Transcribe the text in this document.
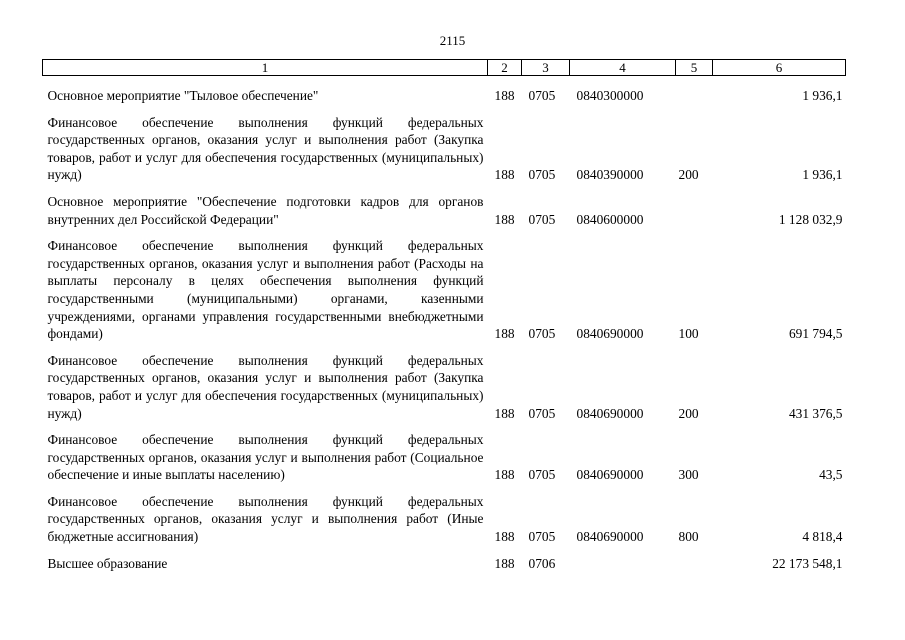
2115
1	2	3	4	5	6
Основное мероприятие "Тыловое обеспечение"	188	0705	0840300000		1 936,1
Финансовое обеспечение выполнения функций федеральных государственных органов, оказания услуг и выполнения работ (Закупка товаров, работ и услуг для обеспечения государственных (муниципальных) нужд)	188	0705	0840390000	200	1 936,1
Основное мероприятие "Обеспечение подготовки кадров для органов внутренних дел Российской Федерации"	188	0705	0840600000		1 128 032,9
Финансовое обеспечение выполнения функций федеральных государственных органов, оказания услуг и выполнения работ (Расходы на выплаты персоналу в целях обеспечения выполнения функций государственными (муниципальными) органами, казенными учреждениями, органами управления государственными внебюджетными фондами)	188	0705	0840690000	100	691 794,5
Финансовое обеспечение выполнения функций федеральных государственных органов, оказания услуг и выполнения работ (Закупка товаров, работ и услуг для обеспечения государственных (муниципальных) нужд)	188	0705	0840690000	200	431 376,5
Финансовое обеспечение выполнения функций федеральных государственных органов, оказания услуг и выполнения работ (Социальное обеспечение и иные выплаты населению)	188	0705	0840690000	300	43,5
Финансовое обеспечение выполнения функций федеральных государственных органов, оказания услуг и выполнения работ (Иные бюджетные ассигнования)	188	0705	0840690000	800	4 818,4
Высшее образование	188	0706			22 173 548,1
